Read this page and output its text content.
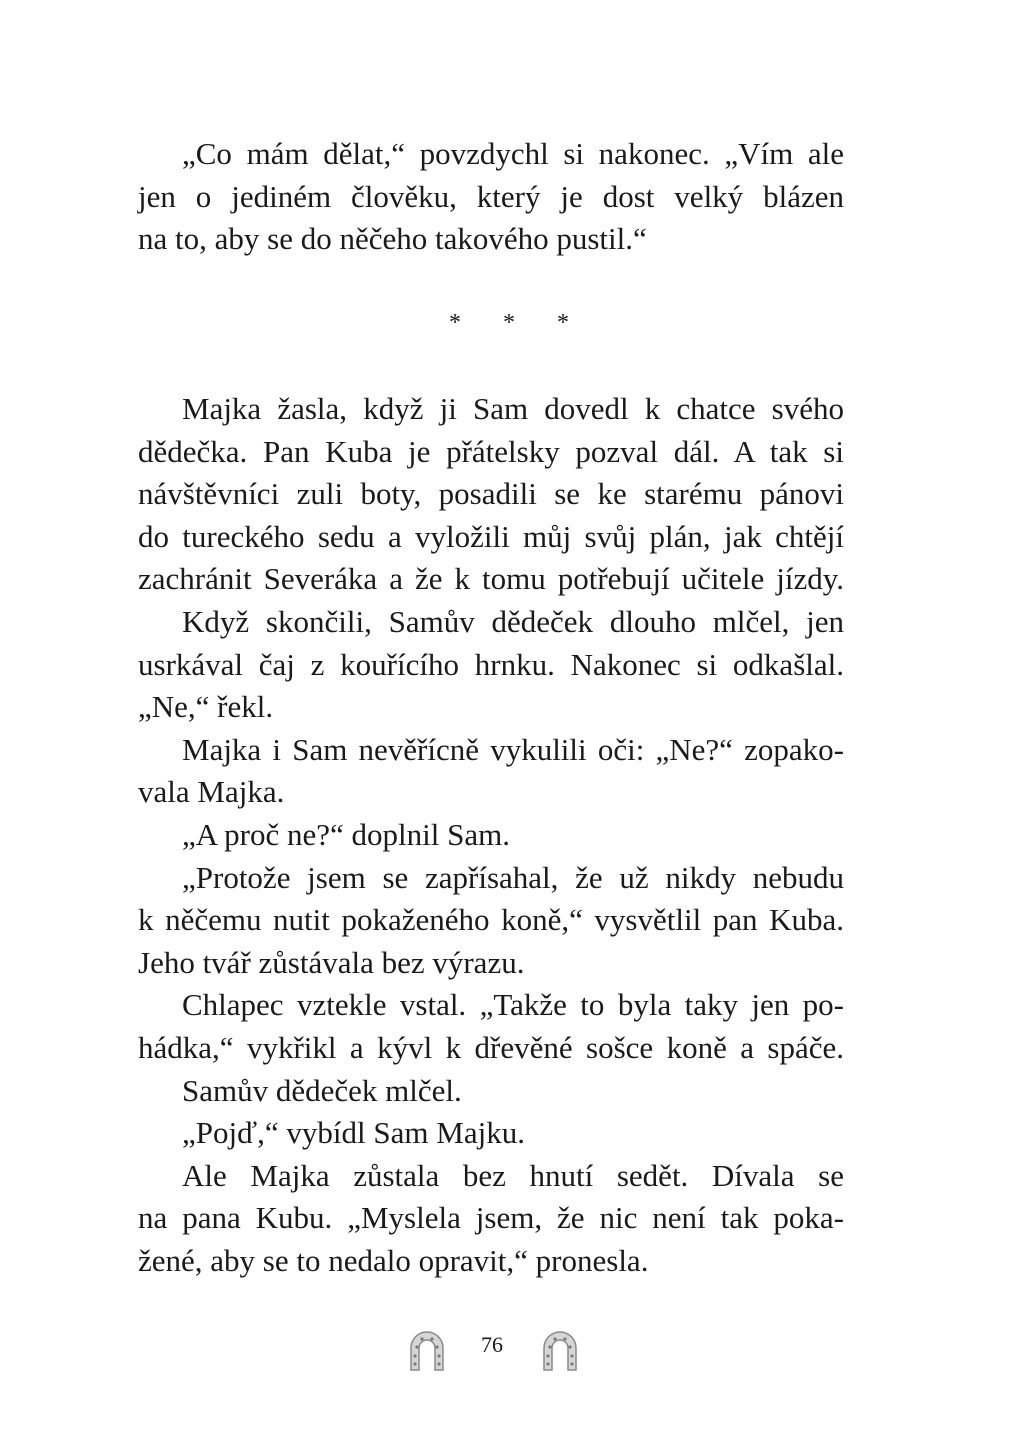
„Co mám dělat,“ povzdychl si nakonec. „Vím ale
jen o jediném člověku, který je dost velký blázen
na to, aby se do něčeho takového pustil.“
* * *
Majka žasla, když ji Sam dovedl k chatce svého
dědečka. Pan Kuba je přátelsky pozval dál. A tak si
návštěvníci zuli boty, posadili se ke starému pánovi
do tureckého sedu a vyložili můj svůj plán, jak chtějí
zachránit Severáka a že k tomu potřebují učitele jízdy.
Když skončili, Samův dědeček dlouho mlčel, jen
usrkával čaj z kouřícího hrnku. Nakonec si odkašlal.
„Ne,“ řekl.
Majka i Sam nevěřícně vykulili oči: „Ne?“ zopako-
vala Majka.
„A proč ne?“ doplnil Sam.
„Protože jsem se zapřísahal, že už nikdy nebudu
k něčemu nutit pokaženého koně,“ vysvětlil pan Kuba.
Jeho tvář zůstávala bez výrazu.
Chlapec vztekle vstal. „Takže to byla taky jen po-
hádka,“ vykřikl a kývl k dřevěné sošce koně a spáče.
Samův dědeček mlčel.
„Pojď,“ vybídl Sam Majku.
Ale Majka zůstala bez hnutí sedět. Dívala se
na pana Kubu. „Myslela jsem, že nic není tak poka-
žené, aby se to nedalo opravit,“ pronesla.
76
